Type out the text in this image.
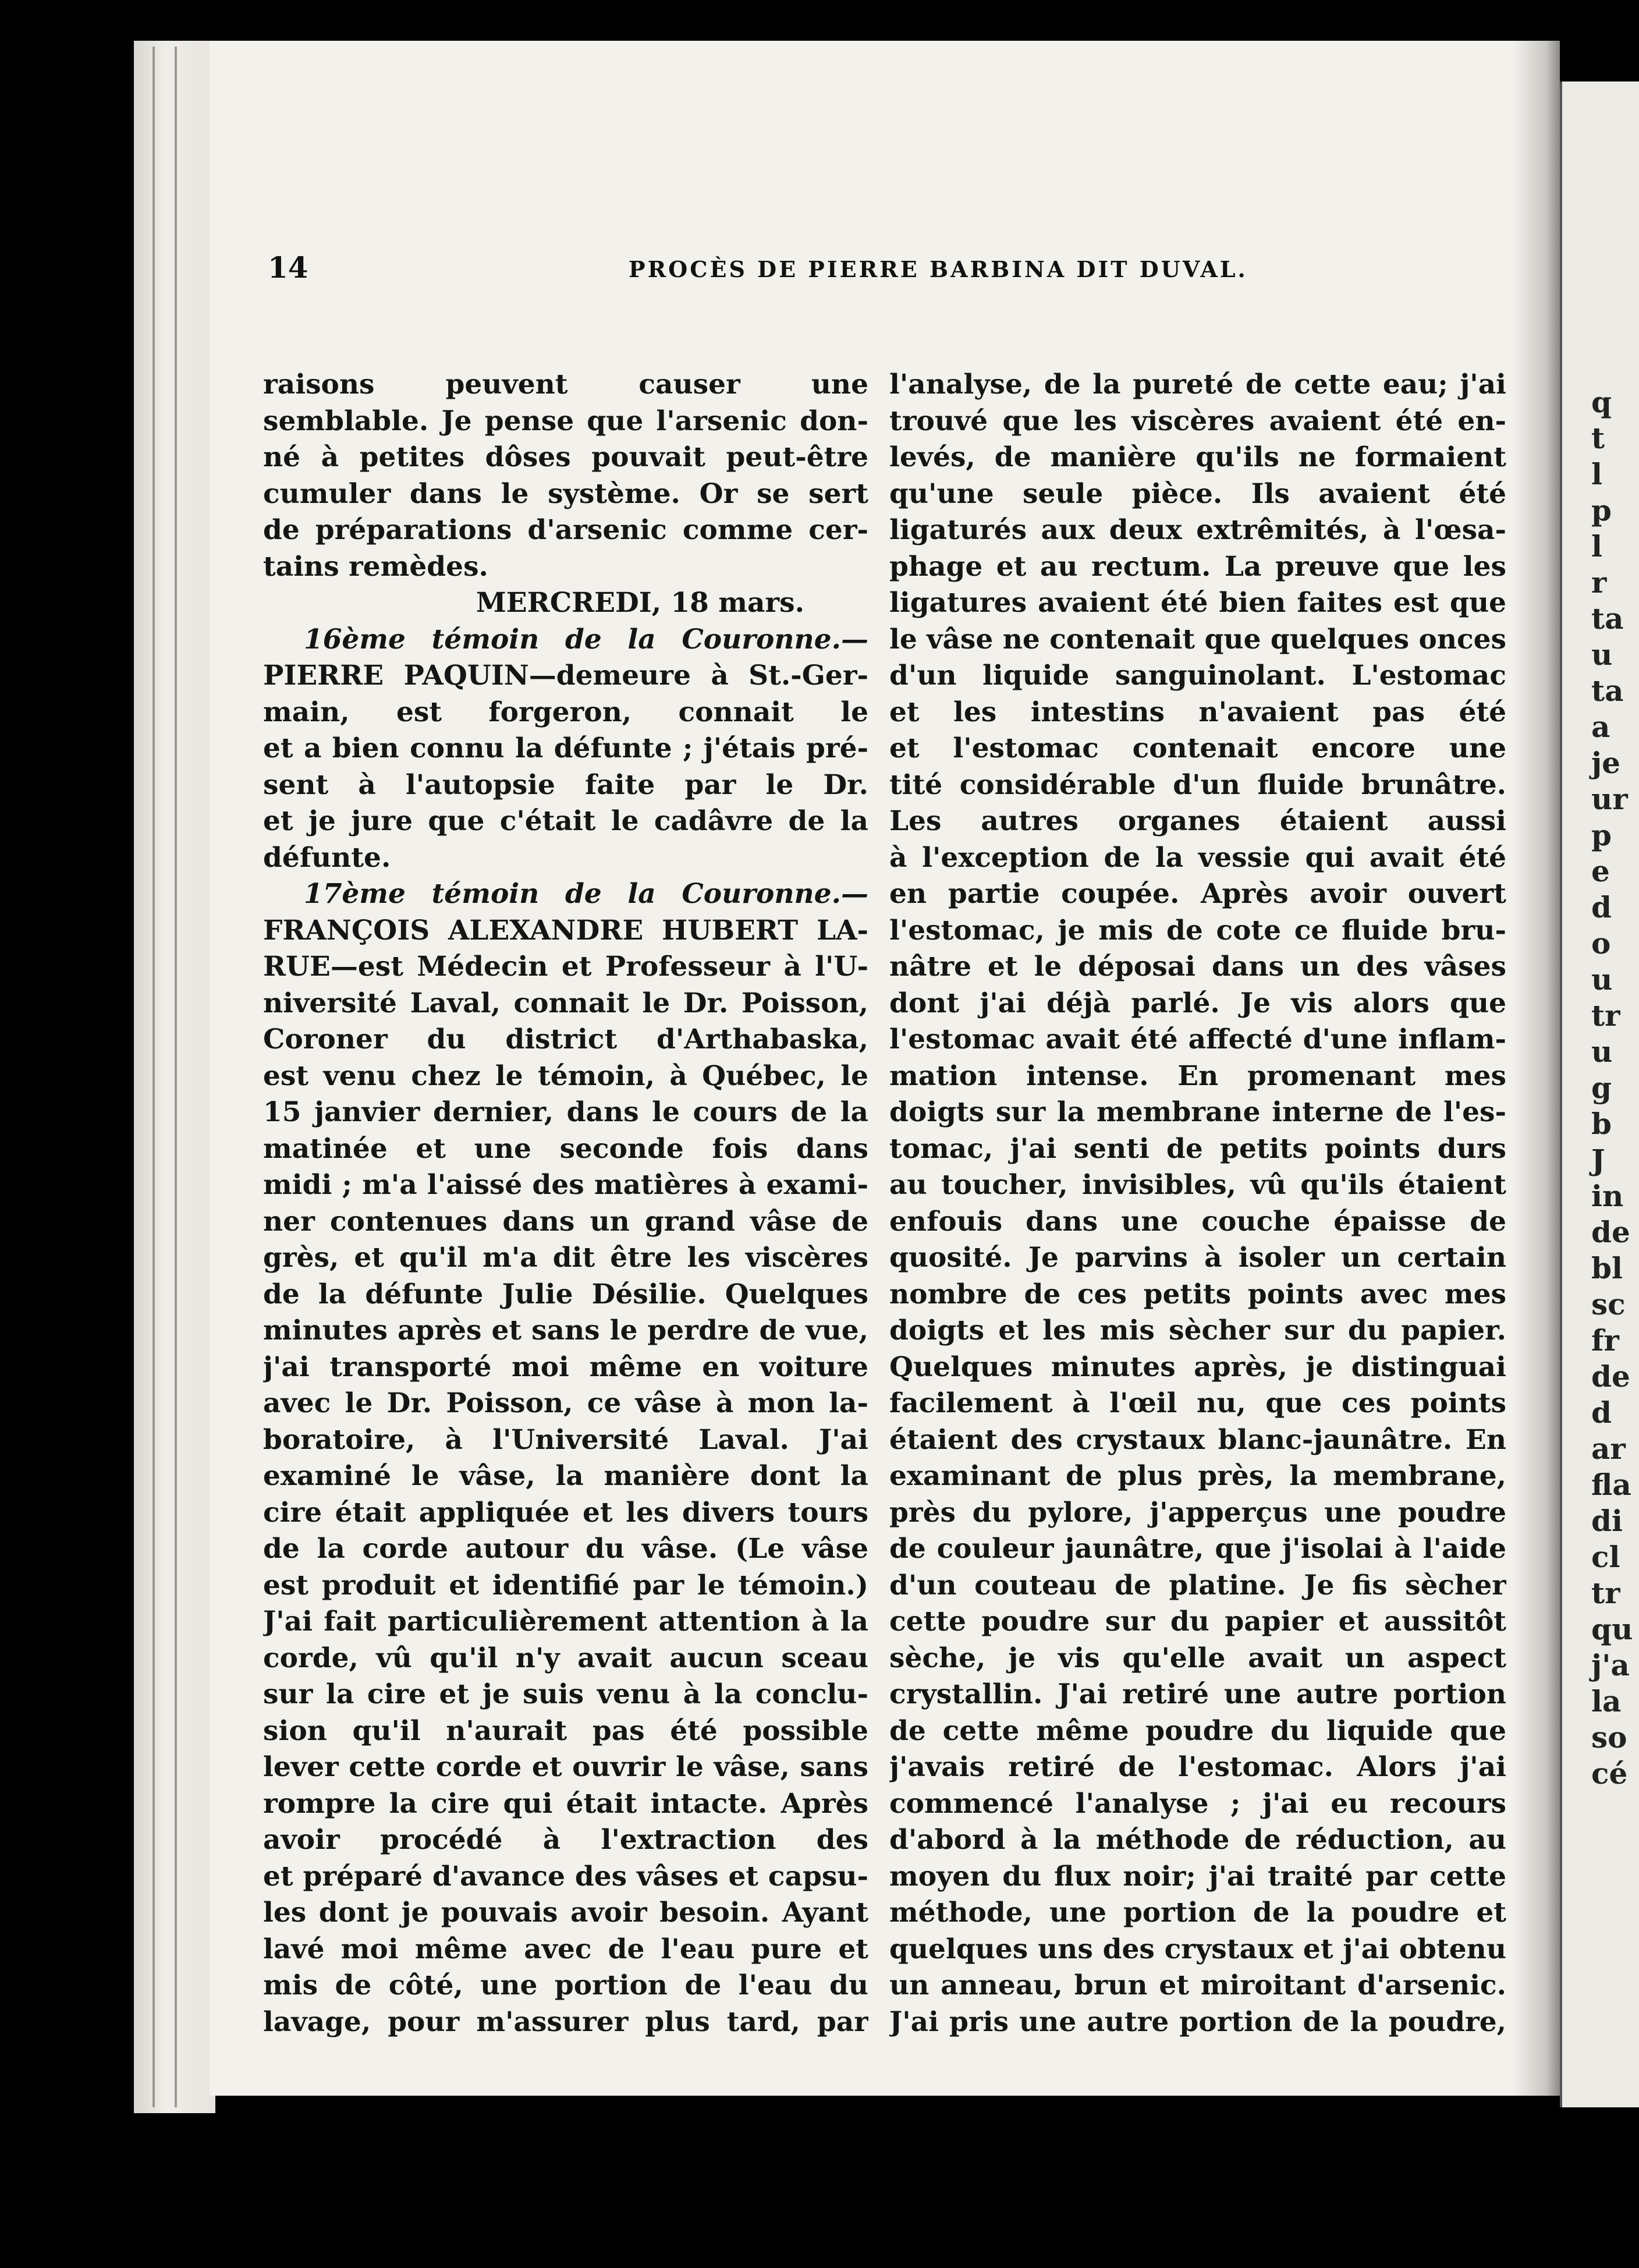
14	PROCÈS DE PIERRE BARBINA DIT DUVAL.
raisons peuvent causer une
semblable. Je pense que l'arsenic don-
né à petites dôses pouvait peut-être
cumuler dans le système. Or se sert
de préparations d'arsenic comme cer-
tains remèdes.
MERCREDI, 18 mars.
16ème témoin de la Couronne.—
PIERRE PAQUIN—demeure à St.-Ger-
main, est forgeron, connait le
et a bien connu la défunte ; j'étais pré-
sent à l'autopsie faite par le Dr.
et je jure que c'était le cadâvre de la
défunte.
17ème témoin de la Couronne.—
FRANÇOIS ALEXANDRE HUBERT LA-
RUE—est Médecin et Professeur à l'U-
niversité Laval, connait le Dr. Poisson,
Coroner du district d'Arthabaska,
est venu chez le témoin, à Québec, le
15 janvier dernier, dans le cours de la
matinée et une seconde fois dans
midi ; m'a l'aissé des matières à exami-
ner contenues dans un grand vâse de
grès, et qu'il m'a dit être les viscères
de la défunte Julie Désilie. Quelques
minutes après et sans le perdre de vue,
j'ai transporté moi même en voiture
avec le Dr. Poisson, ce vâse à mon la-
boratoire, à l'Université Laval. J'ai
examiné le vâse, la manière dont la
cire était appliquée et les divers tours
de la corde autour du vâse. (Le vâse
est produit et identifié par le témoin.)
J'ai fait particulièrement attention à la
corde, vû qu'il n'y avait aucun sceau
sur la cire et je suis venu à la conclu-
sion qu'il n'aurait pas été possible
lever cette corde et ouvrir le vâse, sans
rompre la cire qui était intacte. Après
avoir procédé à l'extraction des
et préparé d'avance des vâses et capsu-
les dont je pouvais avoir besoin. Ayant
lavé moi même avec de l'eau pure et
mis de côté, une portion de l'eau du
lavage, pour m'assurer plus tard, par
l'analyse, de la pureté de cette eau; j'ai
trouvé que les viscères avaient été en-
levés, de manière qu'ils ne formaient
qu'une seule pièce. Ils avaient été
ligaturés aux deux extrêmités, à l'œsa-
phage et au rectum. La preuve que les
ligatures avaient été bien faites est que
le vâse ne contenait que quelques onces
d'un liquide sanguinolant. L'estomac
et les intestins n'avaient pas été
et l'estomac contenait encore une
tité considérable d'un fluide brunâtre.
Les autres organes étaient aussi
à l'exception de la vessie qui avait été
en partie coupée. Après avoir ouvert
l'estomac, je mis de cote ce fluide bru-
nâtre et le déposai dans un des vâses
dont j'ai déjà parlé. Je vis alors que
l'estomac avait été affecté d'une inflam-
mation intense. En promenant mes
doigts sur la membrane interne de l'es-
tomac, j'ai senti de petits points durs
au toucher, invisibles, vû qu'ils étaient
enfouis dans une couche épaisse de
quosité. Je parvins à isoler un certain
nombre de ces petits points avec mes
doigts et les mis sècher sur du papier.
Quelques minutes après, je distinguai
facilement à l'œil nu, que ces points
étaient des crystaux blanc-jaunâtre. En
examinant de plus près, la membrane,
près du pylore, j'apperçus une poudre
de couleur jaunâtre, que j'isolai à l'aide
d'un couteau de platine. Je fis sècher
cette poudre sur du papier et aussitôt
sèche, je vis qu'elle avait un aspect
crystallin. J'ai retiré une autre portion
de cette même poudre du liquide que
j'avais retiré de l'estomac. Alors j'ai
commencé l'analyse ; j'ai eu recours
d'abord à la méthode de réduction, au
moyen du flux noir; j'ai traité par cette
méthode, une portion de la poudre et
quelques uns des crystaux et j'ai obtenu
un anneau, brun et miroitant d'arsenic.
J'ai pris une autre portion de la poudre,
q
t
l
p
l
r
ta
u
ta
a
je
ur
p
e
d
o
u
tr
u
g
b
J
in
de
bl
sc
fr
de
d
ar
fla
di
cl
tr
qu
j'a
la
so
cé
